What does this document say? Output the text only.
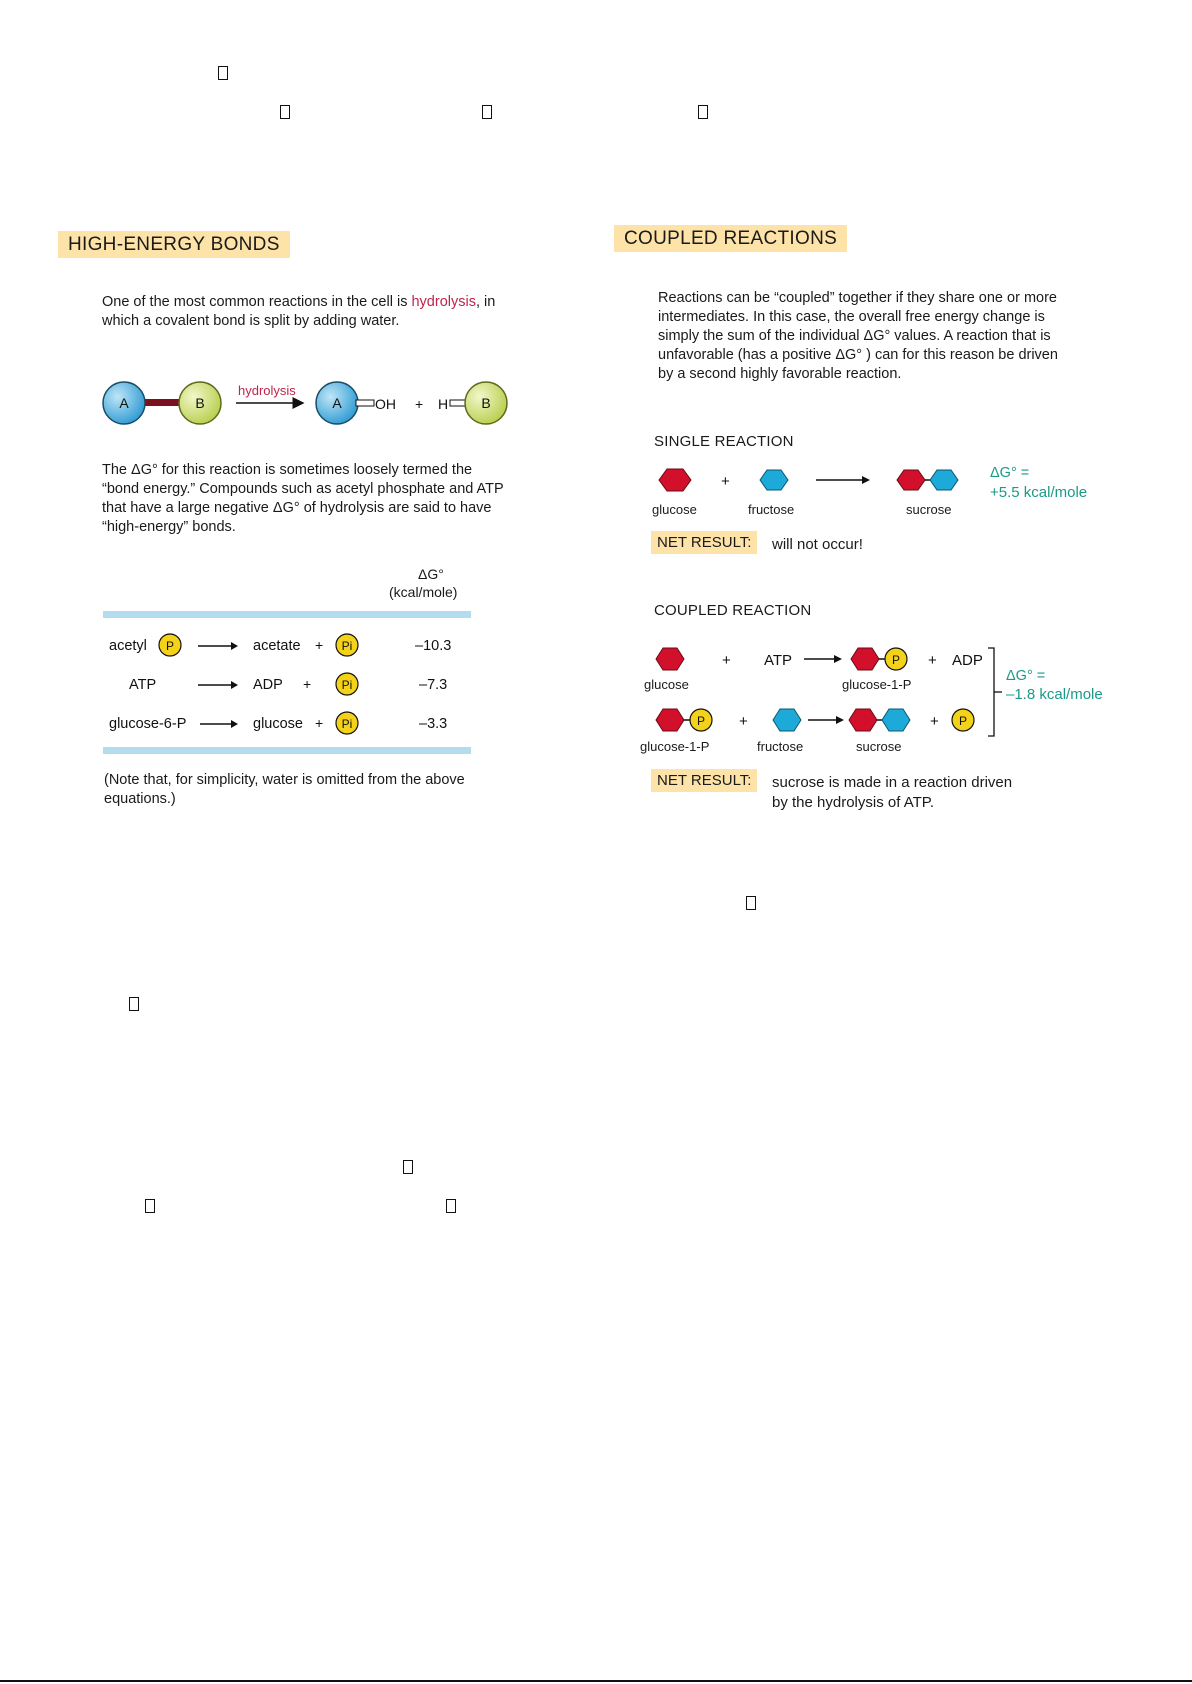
HIGH-ENERGY BONDS
One of the most common reactions in the cell is hydrolysis, in which a covalent bond is split by adding water.
A	B
hydrolysis
A OH + H B
The ΔG° for this reaction is sometimes loosely termed the “bond energy.” Compounds such as acetyl phosphate and ATP that have a large negative ΔG° of hydrolysis are said to have “high-energy” bonds.
ΔG°
(kcal/mole)
acetyl P	acetate + Pi	–10.3
ATP	ADP +	Pi	–7.3
glucose-6-P	glucose + Pi	–3.3
(Note that, for simplicity, water is omitted from the above equations.)
COUPLED REACTIONS
Reactions can be “coupled” together if they share one or more intermediates. In this case, the overall free energy change is simply the sum of the individual ΔG° values. A reaction that is unfavorable (has a positive ΔG° ) can for this reason be driven by a second highly favorable reaction.
SINGLE REACTION
+
glucose	fructose	sucrose
ΔG° =
+5.5 kcal/mole
NET RESULT:	will not occur!
COUPLED REACTION
+ ATP	P + ADP
P +	+ P
glucose	glucose-1-P
glucose-1-P	fructose	sucrose
ΔG° =
–1.8 kcal/mole
NET RESULT:	sucrose is made in a reaction driven
by the hydrolysis of ATP.
